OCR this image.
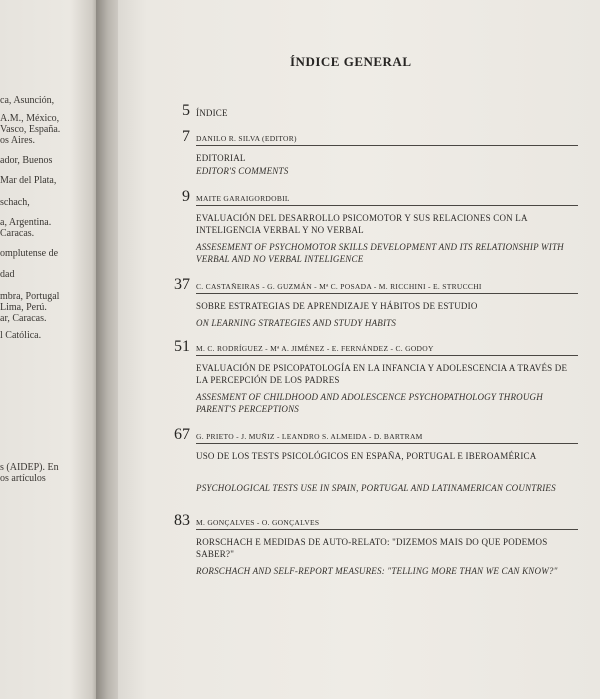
ca, Asunción,
A.M., México,
Vasco, España.
os Aires.
ador, Buenos
Mar del Plata,
schach,
a, Argentina.
Caracas.
omplutense de
dad
mbra, Portugal
Lima, Perú.
ar, Caracas.
l Católica.
s (AIDEP). En
os artículos
ÍNDICE GENERAL
5 ÍNDICE
7 DANILO R. SILVA (EDITOR)
EDITORIAL
EDITOR'S COMMENTS
9 MAITE GARAIGORDOBIL
EVALUACIÓN DEL DESARROLLO PSICOMOTOR Y SUS RELACIONES CON LA INTELIGENCIA VERBAL Y NO VERBAL
ASSESEMENT OF PSYCHOMOTOR SKILLS DEVELOPMENT AND ITS RELATIONSHIP WITH VERBAL AND NO VERBAL INTELIGENCE
37 C. CASTAÑEIRAS - G. GUZMÁN - Mª C. POSADA - M. RICCHINI - E. STRUCCHI
SOBRE ESTRATEGIAS DE APRENDIZAJE Y HÁBITOS DE ESTUDIO
ON LEARNING STRATEGIES AND STUDY HABITS
51 M. C. RODRÍGUEZ - Mª A. JIMÉNEZ - E. FERNÁNDEZ - C. GODOY
EVALUACIÓN DE PSICOPATOLOGÍA EN LA INFANCIA Y ADOLESCENCIA A TRAVÉS DE LA PERCEPCIÓN DE LOS PADRES
ASSESMENT OF CHILDHOOD AND ADOLESCENCE PSYCHOPATHOLOGY THROUGH PARENT'S PERCEPTIONS
67 G. PRIETO - J. MUÑIZ - LEANDRO S. ALMEIDA - D. BARTRAM
USO DE LOS TESTS PSICOLÓGICOS EN ESPAÑA, PORTUGAL E IBEROAMÉRICA
PSYCHOLOGICAL TESTS USE IN SPAIN, PORTUGAL AND LATINAMERICAN COUNTRIES
83 M. GONÇALVES - O. GONÇALVES
RORSCHACH E MEDIDAS DE AUTO-RELATO: "DIZEMOS MAIS DO QUE PODEMOS SABER?"
RORSCHACH AND SELF-REPORT MEASURES: "TELLING MORE THAN WE CAN KNOW?"
